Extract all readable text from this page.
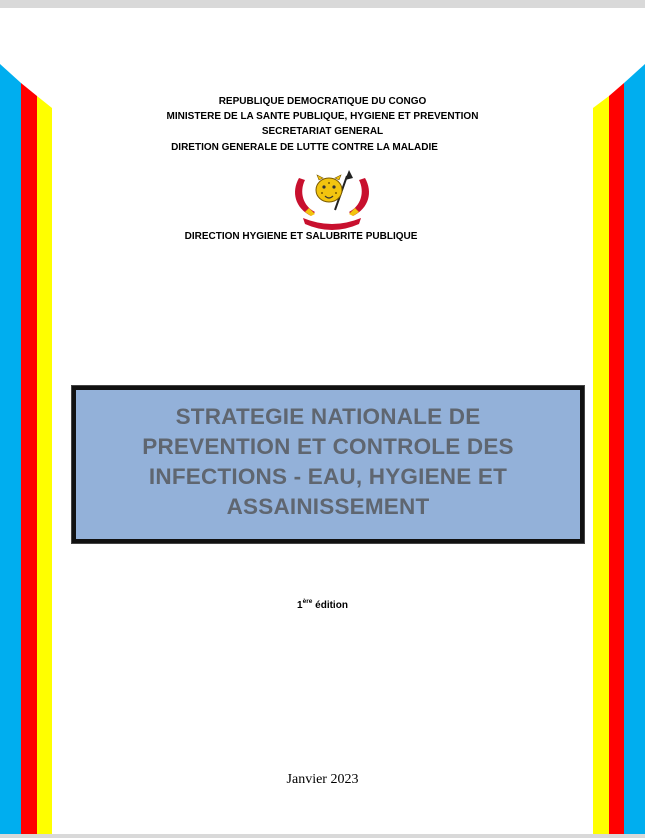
REPUBLIQUE DEMOCRATIQUE DU CONGO
MINISTERE DE LA SANTE PUBLIQUE, HYGIENE ET PREVENTION
SECRETARIAT GENERAL
DIRETION GENERALE DE LUTTE CONTRE LA MALADIE
DIRECTION HYGIENE ET SALUBRITE PUBLIQUE
STRATEGIE NATIONALE DE
PREVENTION ET CONTROLE DES
INFECTIONS - EAU, HYGIENE ET
ASSAINISSEMENT
1ère édition
Janvier 2023
